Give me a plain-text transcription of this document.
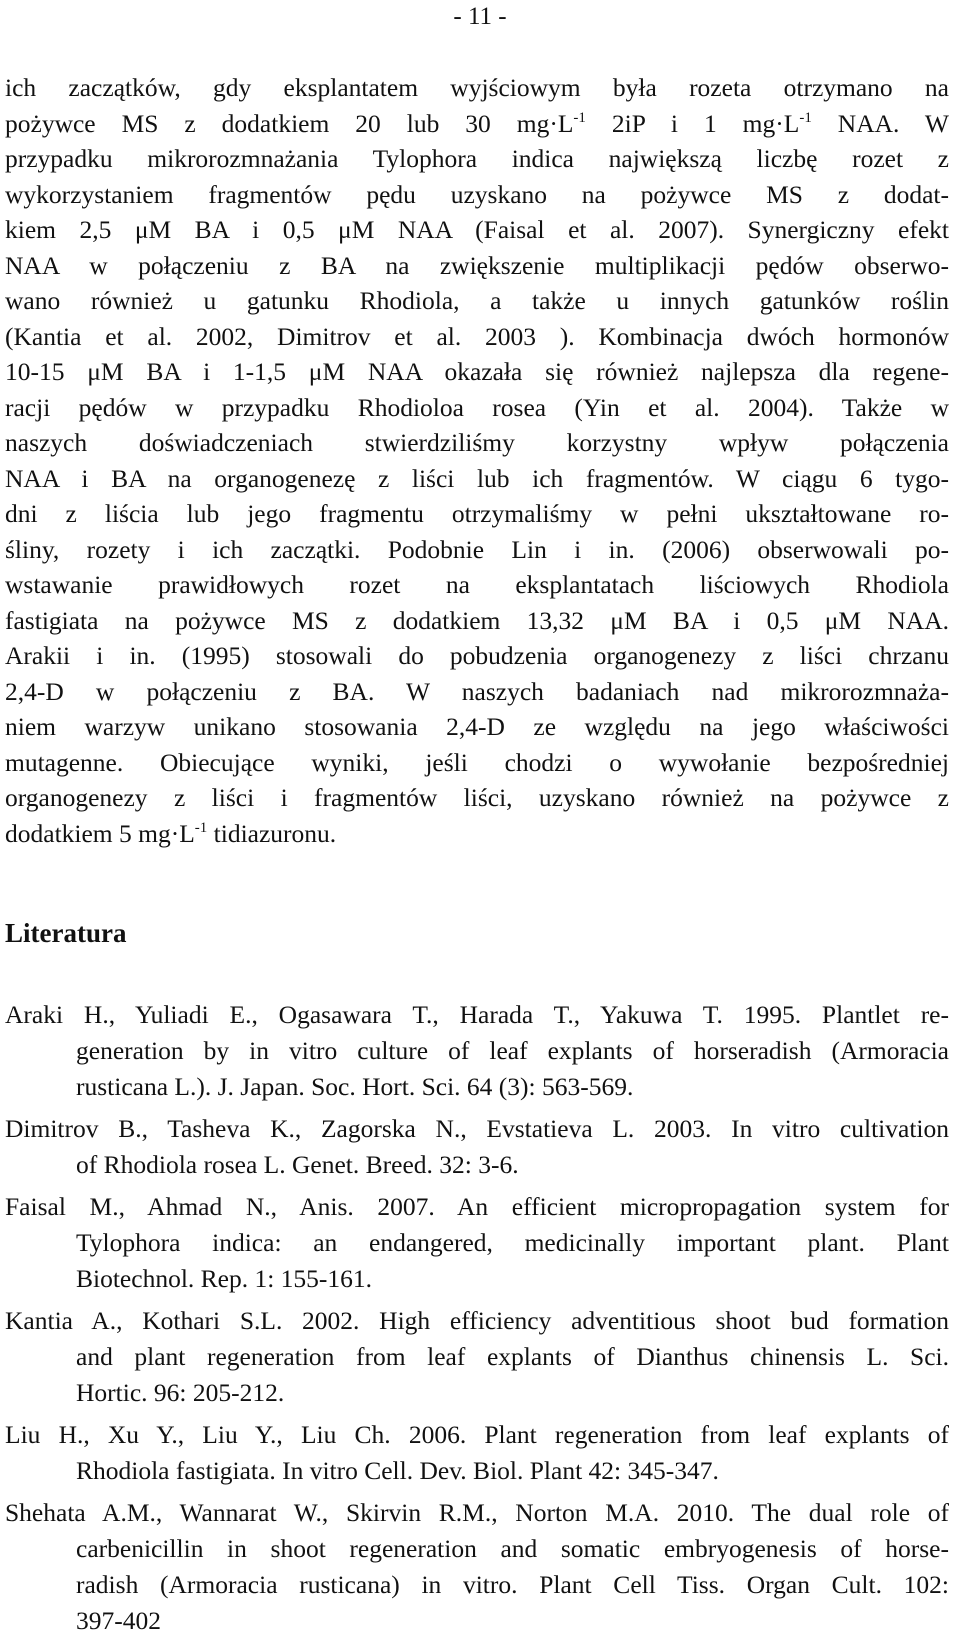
- 11 -
ich zaczątków, gdy eksplantatem wyjściowym była rozeta otrzymano na
pożywce MS z dodatkiem 20 lub 30 $mg\cdot L^{-1}$ 2iP i 1 $mg\cdot L^{-1}$ NAA. W
przypadku mikrorozmnażania Tylophora indica największą liczbę rozet z
wykorzystaniem fragmentów pędu uzyskano na pożywce MS z dodat-
kiem 2,5 μM BA i 0,5 μM NAA (Faisal et al. 2007). Synergiczny efekt
NAA w połączeniu z BA na zwiększenie multiplikacji pędów obserwo-
wano również u gatunku Rhodiola, a także u innych gatunków roślin
(Kantia et al. 2002, Dimitrov et al. 2003 ). Kombinacja dwóch hormonów
10-15 μM BA i 1-1,5 μM NAA okazała się również najlepsza dla regene-
racji pędów w przypadku Rhodioloa rosea (Yin et al. 2004). Także w
naszych doświadczeniach stwierdziliśmy korzystny wpływ połączenia
NAA i BA na organogenezę z liści lub ich fragmentów. W ciągu 6 tygo-
dni z liścia lub jego fragmentu otrzymaliśmy w pełni ukształtowane ro-
śliny, rozety i ich zaczątki. Podobnie Lin i in. (2006) obserwowali po-
wstawanie prawidłowych rozet na eksplantatach liściowych Rhodiola
fastigiata na pożywce MS z dodatkiem 13,32 μM BA i 0,5 μM NAA.
Arakii i in. (1995) stosowali do pobudzenia organogenezy z liści chrzanu
2,4-D w połączeniu z BA. W naszych badaniach nad mikrorozmnaża-
niem warzyw unikano stosowania 2,4-D ze względu na jego właściwości
mutagenne. Obiecujące wyniki, jeśli chodzi o wywołanie bezpośredniej
organogenezy z liści i fragmentów liści, uzyskano również na pożywce z
dodatkiem 5 $mg\cdot L^{-1}$ tidiazuronu.
Literatura
Araki H., Yuliadi E., Ogasawara T., Harada T., Yakuwa T. 1995. Plantlet re-
generation by in vitro culture of leaf explants of horseradish (Armoracia
rusticana L.). J. Japan. Soc. Hort. Sci. 64 (3): 563-569.
Dimitrov B., Tasheva K., Zagorska N., Evstatieva L. 2003. In vitro cultivation
of Rhodiola rosea L. Genet. Breed. 32: 3-6.
Faisal M., Ahmad N., Anis. 2007. An efficient micropropagation system for
Tylophora indica: an endangered, medicinally important plant. Plant
Biotechnol. Rep. 1: 155-161.
Kantia A., Kothari S.L. 2002. High efficiency adventitious shoot bud formation
and plant regeneration from leaf explants of Dianthus chinensis L. Sci.
Hortic. 96: 205-212.
Liu H., Xu Y., Liu Y., Liu Ch. 2006. Plant regeneration from leaf explants of
Rhodiola fastigiata. In vitro Cell. Dev. Biol. Plant 42: 345-347.
Shehata A.M., Wannarat W., Skirvin R.M., Norton M.A. 2010. The dual role of
carbenicillin in shoot regeneration and somatic embryogenesis of horse-
radish (Armoracia rusticana) in vitro. Plant Cell Tiss. Organ Cult. 102:
397-402
